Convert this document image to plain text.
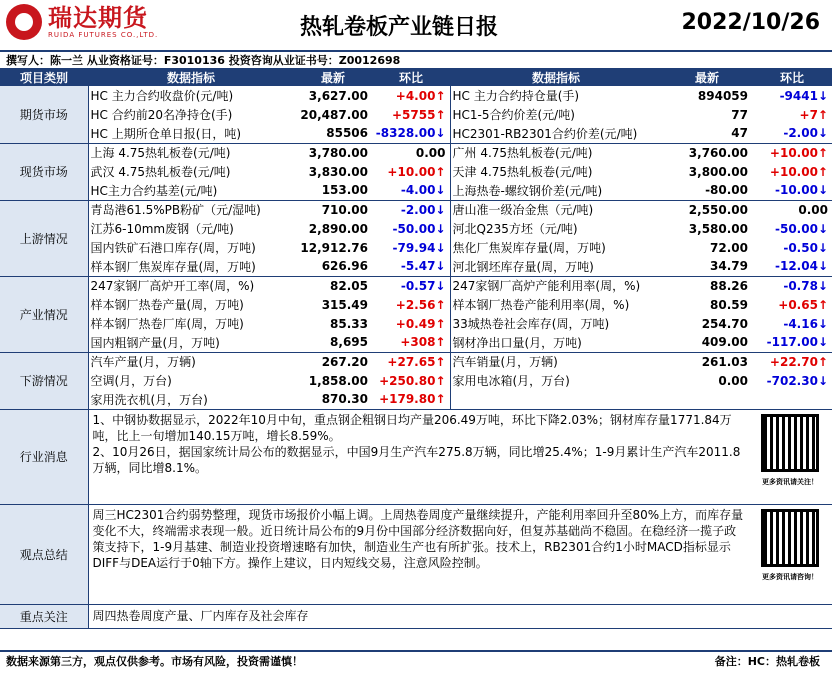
瑞达期货
RUIDA FUTURES CO.,LTD.	热轧卷板产业链日报	2022/10/26
撰写人：陈一兰 从业资格证号：F3010136 投资咨询从业证书号：Z0012698
项目类别	数据指标	最新	环比	数据指标	最新	环比
期货市场	HC 主力合约收盘价(元/吨)	3,627.00	+4.00↑	HC 主力合约持仓量(手)	894059	-9441↓
	HC 合约前20名净持仓(手)	20,487.00	+5755↑	HC1-5合约价差(元/吨)	77	+7↑
	HC 上期所仓单日报(日，吨)	85506	-8328.00↓	HC2301-RB2301合约价差(元/吨)	47	-2.00↓
现货市场	上海 4.75热轧板卷(元/吨)	3,780.00	0.00	广州 4.75热轧板卷(元/吨)	3,760.00	+10.00↑
	武汉 4.75热轧板卷(元/吨)	3,830.00	+10.00↑	天津 4.75热轧板卷(元/吨)	3,800.00	+10.00↑
	HC主力合约基差(元/吨)	153.00	-4.00↓	上海热卷-螺纹钢价差(元/吨)	-80.00	-10.00↓
上游情况	青岛港61.5%PB粉矿（元/湿吨)	710.00	-2.00↓	唐山准一级冶金焦（元/吨)	2,550.00	0.00
	江苏6-10mm废钢（元/吨)	2,890.00	-50.00↓	河北Q235方坯（元/吨)	3,580.00	-50.00↓
	国内铁矿石港口库存(周，万吨)	12,912.76	-79.94↓	焦化厂焦炭库存量(周，万吨)	72.00	-0.50↓
	样本钢厂焦炭库存量(周，万吨)	626.96	-5.47↓	河北钢坯库存量(周，万吨)	34.79	-12.04↓
产业情况	247家钢厂高炉开工率(周，%)	82.05	-0.57↓	247家钢厂高炉产能利用率(周，%)	88.26	-0.78↓
	样本钢厂热卷产量(周，万吨)	315.49	+2.56↑	样本钢厂热卷产能利用率(周，%)	80.59	+0.65↑
	样本钢厂热卷厂库(周，万吨)	85.33	+0.49↑	33城热卷社会库存(周，万吨)	254.70	-4.16↓
	国内粗钢产量(月，万吨)	8,695	+308↑	钢材净出口量(月，万吨)	409.00	-117.00↓
下游情况	汽车产量(月，万辆)	267.20	+27.65↑	汽车销量(月，万辆)	261.03	+22.70↑
	空调(月，万台)	1,858.00	+250.80↑	家用电冰箱(月，万台)	0.00	-702.30↓
	家用洗衣机(月，万台)	870.30	+179.80↑			
行业消息	1、中钢协数据显示，2022年10月中旬，重点钢企粗钢日均产量206.49万吨，环比下降2.03%；钢材库存量1771.84万吨，比上一旬增加140.15万吨，增长8.59%。
2、10月26日，据国家统计局公布的数据显示，中国9月生产汽车275.8万辆，同比增25.4%；1-9月累计生产汽车2011.8万辆，同比增8.1%。
更多资讯请关注！					

观点总结	周三HC2301合约弱势整理，现货市场报价小幅上调。上周热卷周度产量继续提升，产能利用率回升至80%上方，而库存量变化不大，终端需求表现一般。近日统计局公布的9月份中国部分经济数据向好，但复苏基础尚不稳固。在稳经济一揽子政策支持下，1-9月基建、制造业投资增速略有加快，制造业生产也有所扩张。技术上，RB2301合约1小时MACD指标显示DIFF与DEA运行于0轴下方。操作上建议，日内短线交易，注意风险控制。
更多资讯请咨询！					

重点关注	周四热卷周度产量、厂内库存及社会库存					
数据来源第三方，观点仅供参考。市场有风险，投资需谨慎！	备注：HC：热轧卷板
